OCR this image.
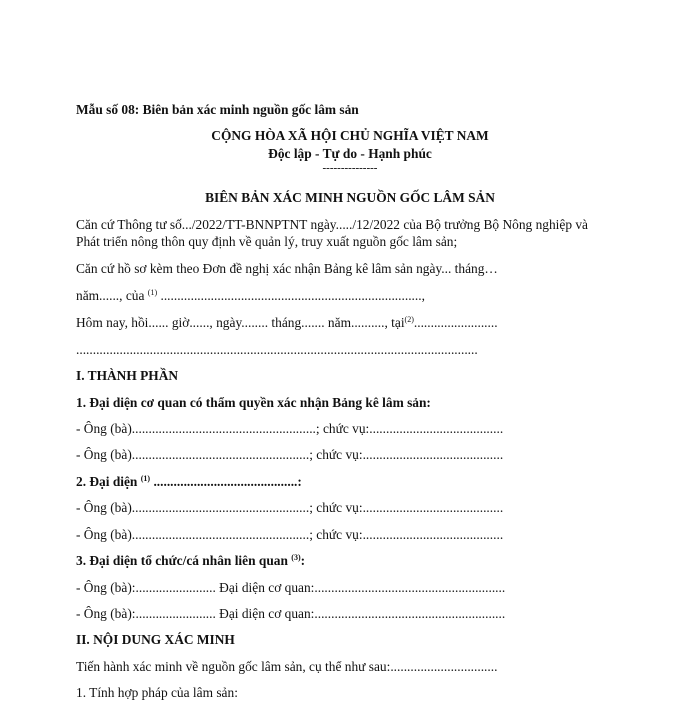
Mẫu số 08: Biên bản xác minh nguồn gốc lâm sản
CỘNG HÒA XÃ HỘI CHỦ NGHĨA VIỆT NAM
Độc lập - Tự do - Hạnh phúc
---------------
BIÊN BẢN XÁC MINH NGUỒN GỐC LÂM SẢN
Căn cứ Thông tư số.../2022/TT-BNNPTNT ngày...../12/2022 của Bộ trưởng Bộ Nông nghiệp và
Phát triển nông thôn quy định về quản lý, truy xuất nguồn gốc lâm sản;
Căn cứ hồ sơ kèm theo Đơn đề nghị xác nhận Bảng kê lâm sản ngày... tháng…
năm......, của $^{(1)}$ ..............................................................................,
Hôm nay, hồi...... giờ......, ngày........ tháng....... năm.........., tại$^{(2)}$.........................
........................................................................................................................
I. THÀNH PHẦN
1. Đại diện cơ quan có thẩm quyền xác nhận Bảng kê lâm sản:
- Ông (bà).......................................................; chức vụ:........................................
- Ông (bà).....................................................; chức vụ:..........................................
2. Đại diện $^{(1)}$ ...........................................:
- Ông (bà).....................................................; chức vụ:..........................................
- Ông (bà).....................................................; chức vụ:..........................................
3. Đại diện tổ chức/cá nhân liên quan $^{(3)}$:
- Ông (bà):........................ Đại diện cơ quan:.........................................................
- Ông (bà):........................ Đại diện cơ quan:.........................................................
II. NỘI DUNG XÁC MINH
Tiến hành xác minh về nguồn gốc lâm sản, cụ thể như sau:................................
1. Tính hợp pháp của lâm sản:
